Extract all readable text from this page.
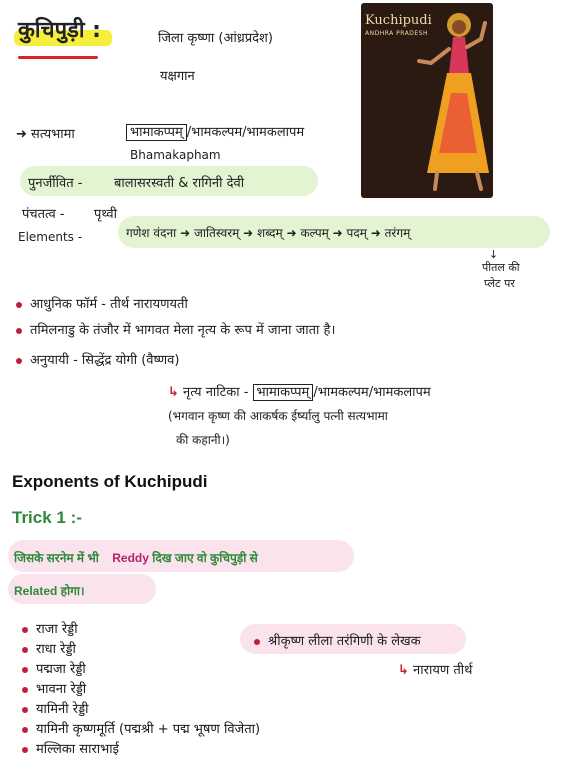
कुचिपुड़ी :	जिला कृष्णा (आंध्रप्रदेश)
यक्षगान
Kuchipudi
ANDHRA PRADESH
➜ सत्यभामा	भामाकप्पम् /भामकल्पम/भामकलापम
Bhamakapham
पुनर्जीवित - बालासरस्वती & रागिनी देवी
पंचतत्व - पृथ्वी
Elements -	गणेश वंदना ➜ जातिस्वरम् ➜ शब्दम् ➜ कल्पम् ➜ पदम् ➜ तरंगम्
↓
पीतल की
प्लेट पर
आधुनिक फॉर्म - तीर्थ नारायणयती
तमिलनाडु के तंजौर में भागवत मेला नृत्य के रूप में जाना जाता है।
अनुयायी - सिद्धेंद्र योगी (वैष्णव)
↳ नृत्य नाटिका - भामाकप्पम् /भामकल्पम/भामकलापम
(भगवान कृष्ण की आकर्षक ईर्ष्यालु पत्नी सत्यभामा
की कहानी।)
Exponents of Kuchipudi
Trick 1 :-
जिसके सरनेम में भी Reddy दिख जाए वो कुचिपुड़ी से
Related होगा।
राजा रेड्डी
राधा रेड्डी
पद्मजा रेड्डी
भावना रेड्डी
यामिनी रेड्डी
यामिनी कृष्णमूर्ति (पद्मश्री + पद्म भूषण विजेता)
मल्लिका साराभाई
श्रीकृष्ण लीला तरंगिणी के लेखक
↳ नारायण तीर्थ
